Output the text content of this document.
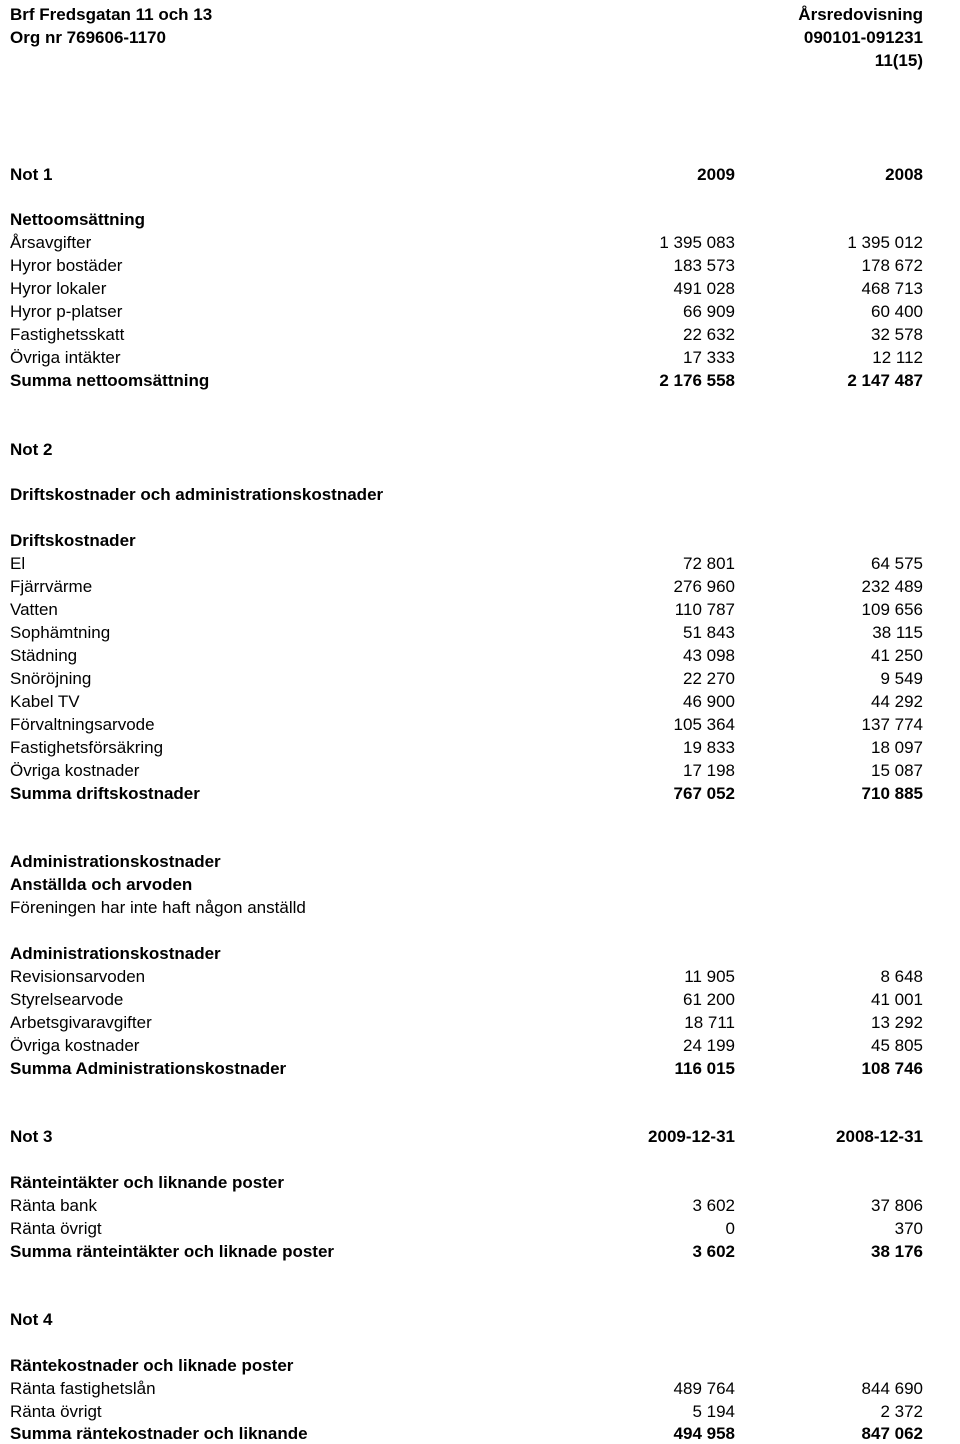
Brf Fredsgatan 11 och 13
Org nr 769606-1170
Årsredovisning
090101-091231
11(15)
Not 1	2009	2008
Nettoomsättning
Årsavgifter	1 395 083	1 395 012
Hyror bostäder	183 573	178 672
Hyror lokaler	491 028	468 713
Hyror p-platser	66 909	60 400
Fastighetsskatt	22 632	32 578
Övriga intäkter	17 333	12 112
Summa nettoomsättning	2 176 558	2 147 487
Not 2
Driftskostnader och administrationskostnader
Driftskostnader
El	72 801	64 575
Fjärrvärme	276 960	232 489
Vatten	110 787	109 656
Sophämtning	51 843	38 115
Städning	43 098	41 250
Snöröjning	22 270	9 549
Kabel TV	46 900	44 292
Förvaltningsarvode	105 364	137 774
Fastighetsförsäkring	19 833	18 097
Övriga kostnader	17 198	15 087
Summa driftskostnader	767 052	710 885
Administrationskostnader
Anställda och arvoden
Föreningen har inte haft någon anställd
Administrationskostnader
Revisionsarvoden	11 905	8 648
Styrelsearvode	61 200	41 001
Arbetsgivaravgifter	18 711	13 292
Övriga kostnader	24 199	45 805
Summa Administrationskostnader	116 015	108 746
Not 3	2009-12-31	2008-12-31
Ränteintäkter och liknande poster
Ränta bank	3 602	37 806
Ränta övrigt	0	370
Summa ränteintäkter och liknade poster	3 602	38 176
Not 4
Räntekostnader och liknade poster
Ränta fastighetslån	489 764	844 690
Ränta övrigt	5 194	2 372
Summa räntekostnader och liknande	494 958	847 062
